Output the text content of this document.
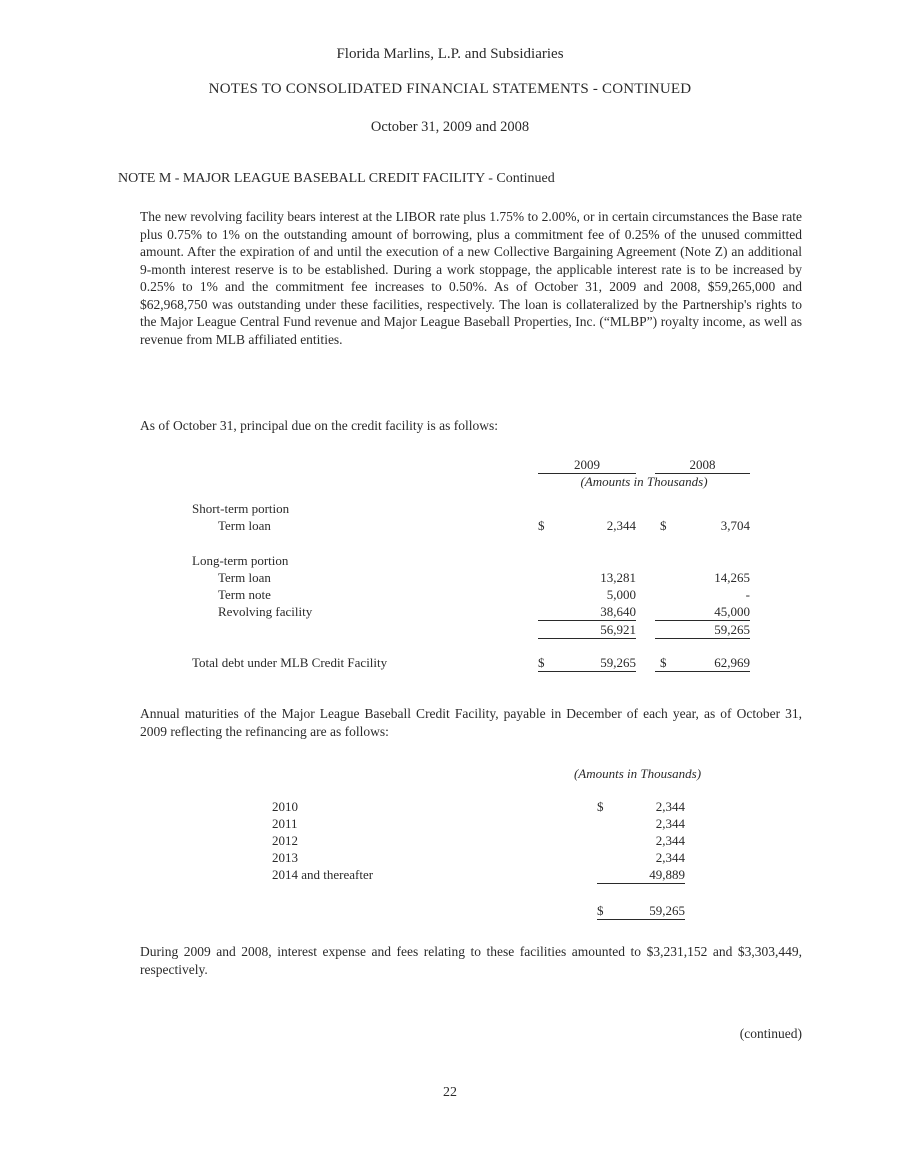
Florida Marlins, L.P. and Subsidiaries
NOTES TO CONSOLIDATED FINANCIAL STATEMENTS - CONTINUED
October 31, 2009 and 2008
NOTE M - MAJOR LEAGUE BASEBALL CREDIT FACILITY - Continued
The new revolving facility bears interest at the LIBOR rate plus 1.75% to 2.00%, or in certain circumstances the Base rate plus 0.75% to 1% on the outstanding amount of borrowing, plus a commitment fee of 0.25% of the unused committed amount. After the expiration of and until the execution of a new Collective Bargaining Agreement (Note Z) an additional 9-month interest reserve is to be established. During a work stoppage, the applicable interest rate is to be increased by 0.25% to 1% and the commitment fee increases to 0.50%. As of October 31, 2009 and 2008, $59,265,000 and $62,968,750 was outstanding under these facilities, respectively. The loan is collateralized by the Partnership's rights to the Major League Central Fund revenue and Major League Baseball Properties, Inc. (“MLBP”) royalty income, as well as revenue from MLB affiliated entities.
As of October 31, principal due on the credit facility is as follows:
2009	2008
(Amounts in Thousands)
Short-term portion
Term loan	$	2,344 $	3,704
Long-term portion
Term loan	13,281	14,265
Term note	5,000	-
Revolving facility	38,640	45,000
56,921	59,265
Total debt under MLB Credit Facility	$	59,265 $	62,969
Annual maturities of the Major League Baseball Credit Facility, payable in December of each year, as of October 31, 2009 reflecting the refinancing are as follows:
(Amounts in Thousands)
2010	$	2,344
2011	2,344
2012	2,344
2013	2,344
2014 and thereafter	49,889
$	59,265
During 2009 and 2008, interest expense and fees relating to these facilities amounted to $3,231,152 and $3,303,449, respectively.
(continued)
22
